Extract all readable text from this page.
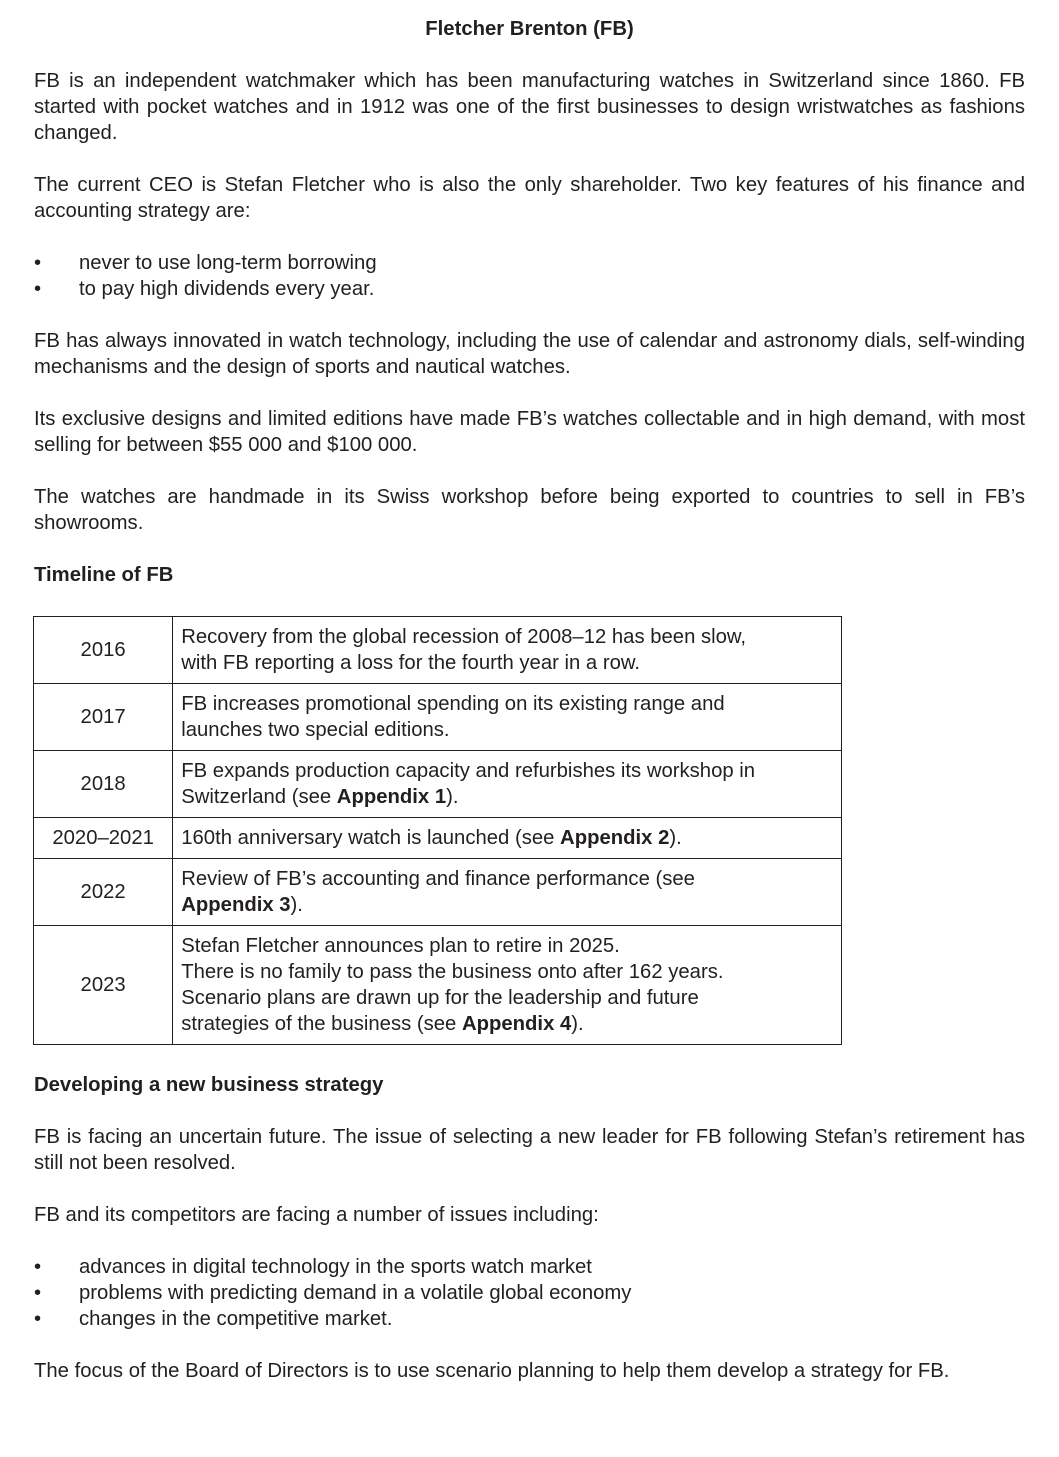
Fletcher Brenton (FB)

FB is an independent watchmaker which has been manufacturing watches in Switzerland since 1860. FB started with pocket watches and in 1912 was one of the first businesses to design wristwatches as fashions changed.

The current CEO is Stefan Fletcher who is also the only shareholder. Two key features of his finance and accounting strategy are:

• never to use long-term borrowing
• to pay high dividends every year.

FB has always innovated in watch technology, including the use of calendar and astronomy dials, self-winding mechanisms and the design of sports and nautical watches.

Its exclusive designs and limited editions have made FB’s watches collectable and in high demand, with most selling for between $55 000 and $100 000.

The watches are handmade in its Swiss workshop before being exported to countries to sell in FB’s showrooms.

Timeline of FB

2016	Recovery from the global recession of 2008–12 has been slow,
with FB reporting a loss for the fourth year in a row.
2017	FB increases promotional spending on its existing range and
launches two special editions.
2018	FB expands production capacity and refurbishes its workshop in
Switzerland (see Appendix 1).
2020–2021	160th anniversary watch is launched (see Appendix 2).
2022	Review of FB’s accounting and finance performance (see
Appendix 3).
2023	Stefan Fletcher announces plan to retire in 2025.
There is no family to pass the business onto after 162 years.
Scenario plans are drawn up for the leadership and future
strategies of the business (see Appendix 4).

Developing a new business strategy

FB is facing an uncertain future. The issue of selecting a new leader for FB following Stefan’s retirement has still not been resolved.

FB and its competitors are facing a number of issues including:

• advances in digital technology in the sports watch market
• problems with predicting demand in a volatile global economy
• changes in the competitive market.

The focus of the Board of Directors is to use scenario planning to help them develop a strategy for FB.
